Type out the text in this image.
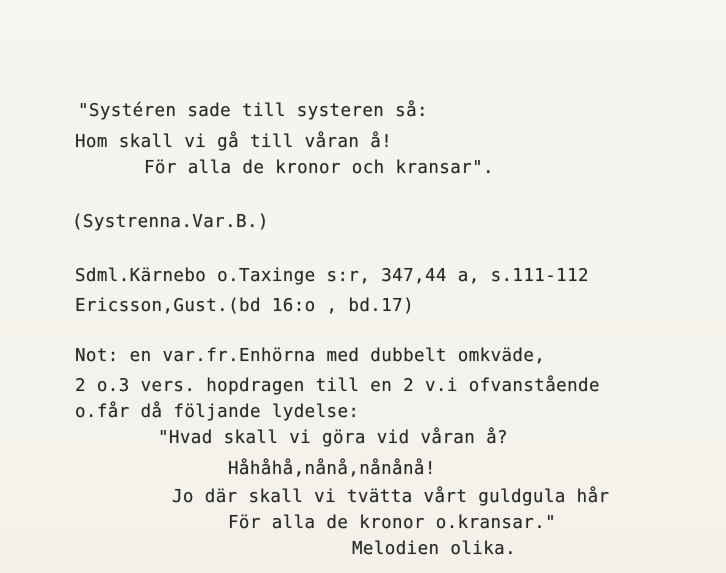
"Systéren sade till systeren så:
Hom skall vi gå till våran å!
För alla de kronor och kransar".
(Systrenna.Var.B.)
Sdml.Kärnebo o.Taxinge s:r, 347,44 a, s.111-112
Ericsson,Gust.(bd 16:o , bd.17)
Not: en var.fr.Enhörna med dubbelt omkväde,
2 o.3 vers. hopdragen till en 2 v.i ofvanstående
o.får då följande lydelse:
"Hvad skall vi göra vid våran å?
Håhåhå,nånå,nånånå!
Jo där skall vi tvätta vårt guldgula hår
För alla de kronor o.kransar."
Melodien olika.
